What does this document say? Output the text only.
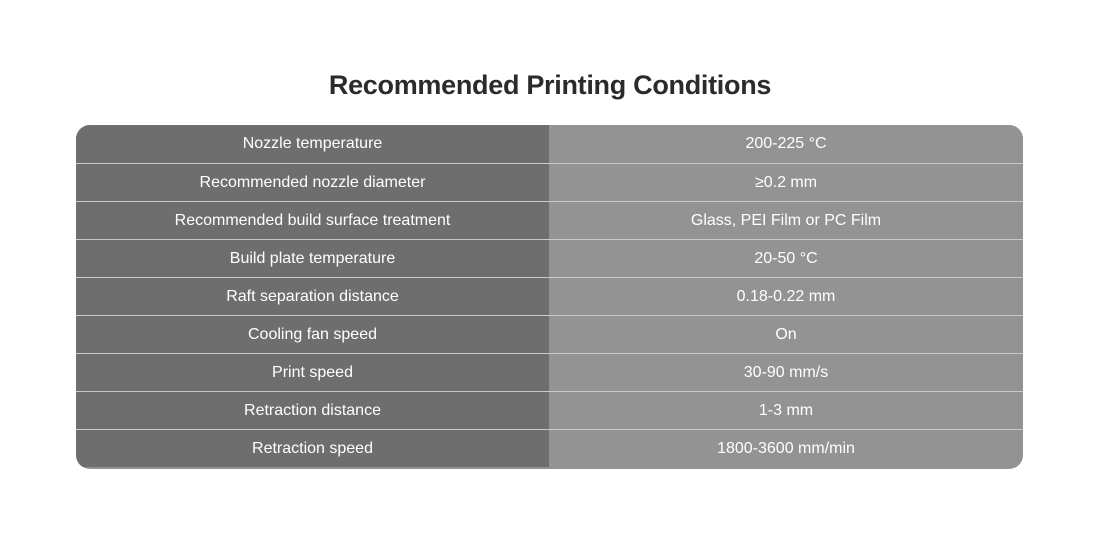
Recommended Printing Conditions
Nozzle temperature	200-225 °C
Recommended nozzle diameter	≥0.2 mm
Recommended build surface treatment	Glass, PEI Film or PC Film
Build plate temperature	20-50 °C
Raft separation distance	0.18-0.22 mm
Cooling fan speed	On
Print speed	30-90 mm/s
Retraction distance	1-3 mm
Retraction speed	1800-3600 mm/min
